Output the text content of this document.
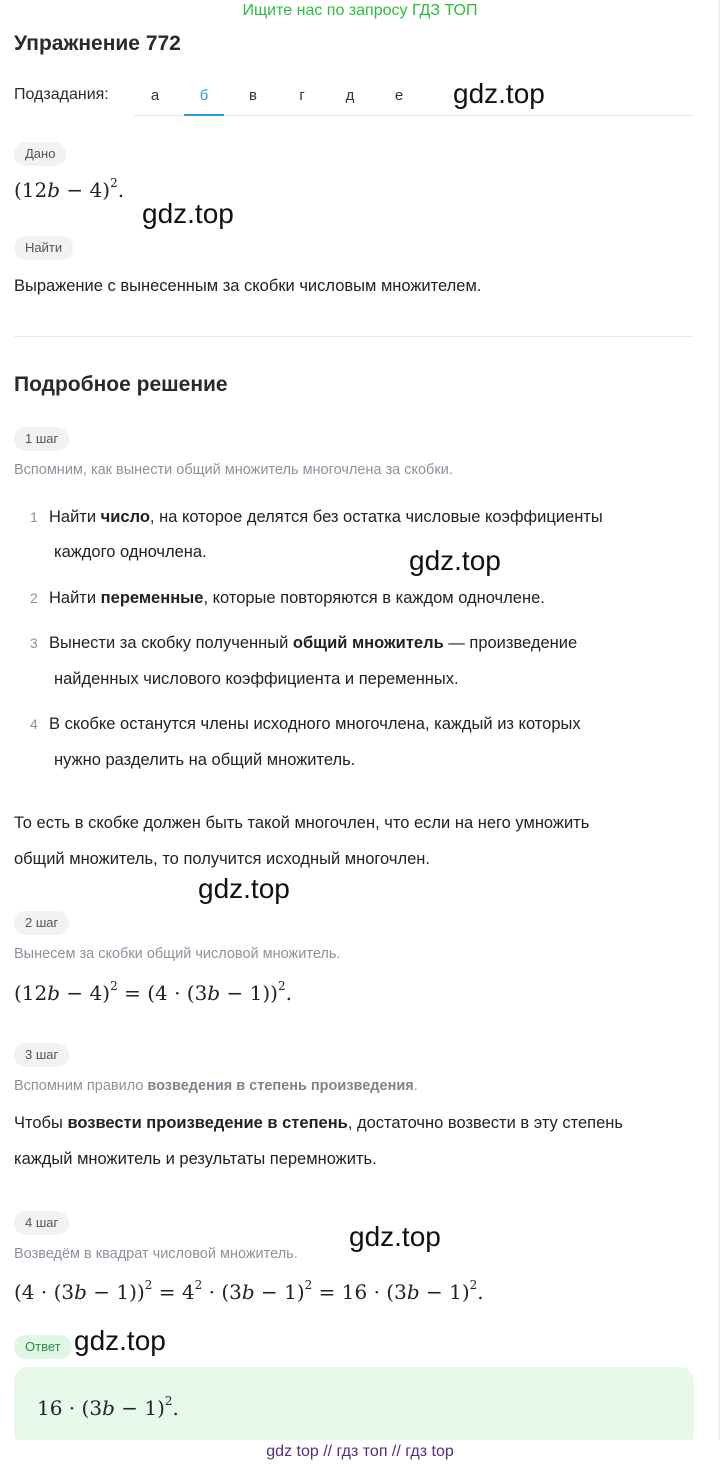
Ищите нас по запросу ГДЗ ТОП
Упражнение 772
Подзадания:	а	б	в	г	д	е	gdz.top
Дано
$(12b - 4)^2$.
gdz.top
Найти
Выражение с вынесенным за скобки числовым множителем.
Подробное решение
1 шаг
Вспомним, как вынести общий множитель многочлена за скобки.
1 Найти число, на которое делятся без остатка числовые коэффициенты
каждого одночлена.	gdz.top
2 Найти переменные, которые повторяются в каждом одночлене.
3 Вынести за скобку полученный общий множитель — произведение
найденных числового коэффициента и переменных.
4 В скобке останутся члены исходного многочлена, каждый из которых
нужно разделить на общий множитель.
То есть в скобке должен быть такой многочлен, что если на него умножить
общий множитель, то получится исходный многочлен.
gdz.top
2 шаг
Вынесем за скобки общий числовой множитель.
$(12b - 4)^2 = (4 \cdot (3b - 1))^2$.
3 шаг
Вспомним правило возведения в степень произведения.
Чтобы возвести произведение в степень, достаточно возвести в эту степень
каждый множитель и результаты перемножить.
4 шаг	gdz.top
Возведём в квадрат числовой множитель.
$(4 \cdot (3b - 1))^2 = 4^2 \cdot (3b - 1)^2 = 16 \cdot (3b - 1)^2$.
Ответ gdz.top
$16 \cdot (3b - 1)^2$.
gdz top // гдз топ // гдз top
